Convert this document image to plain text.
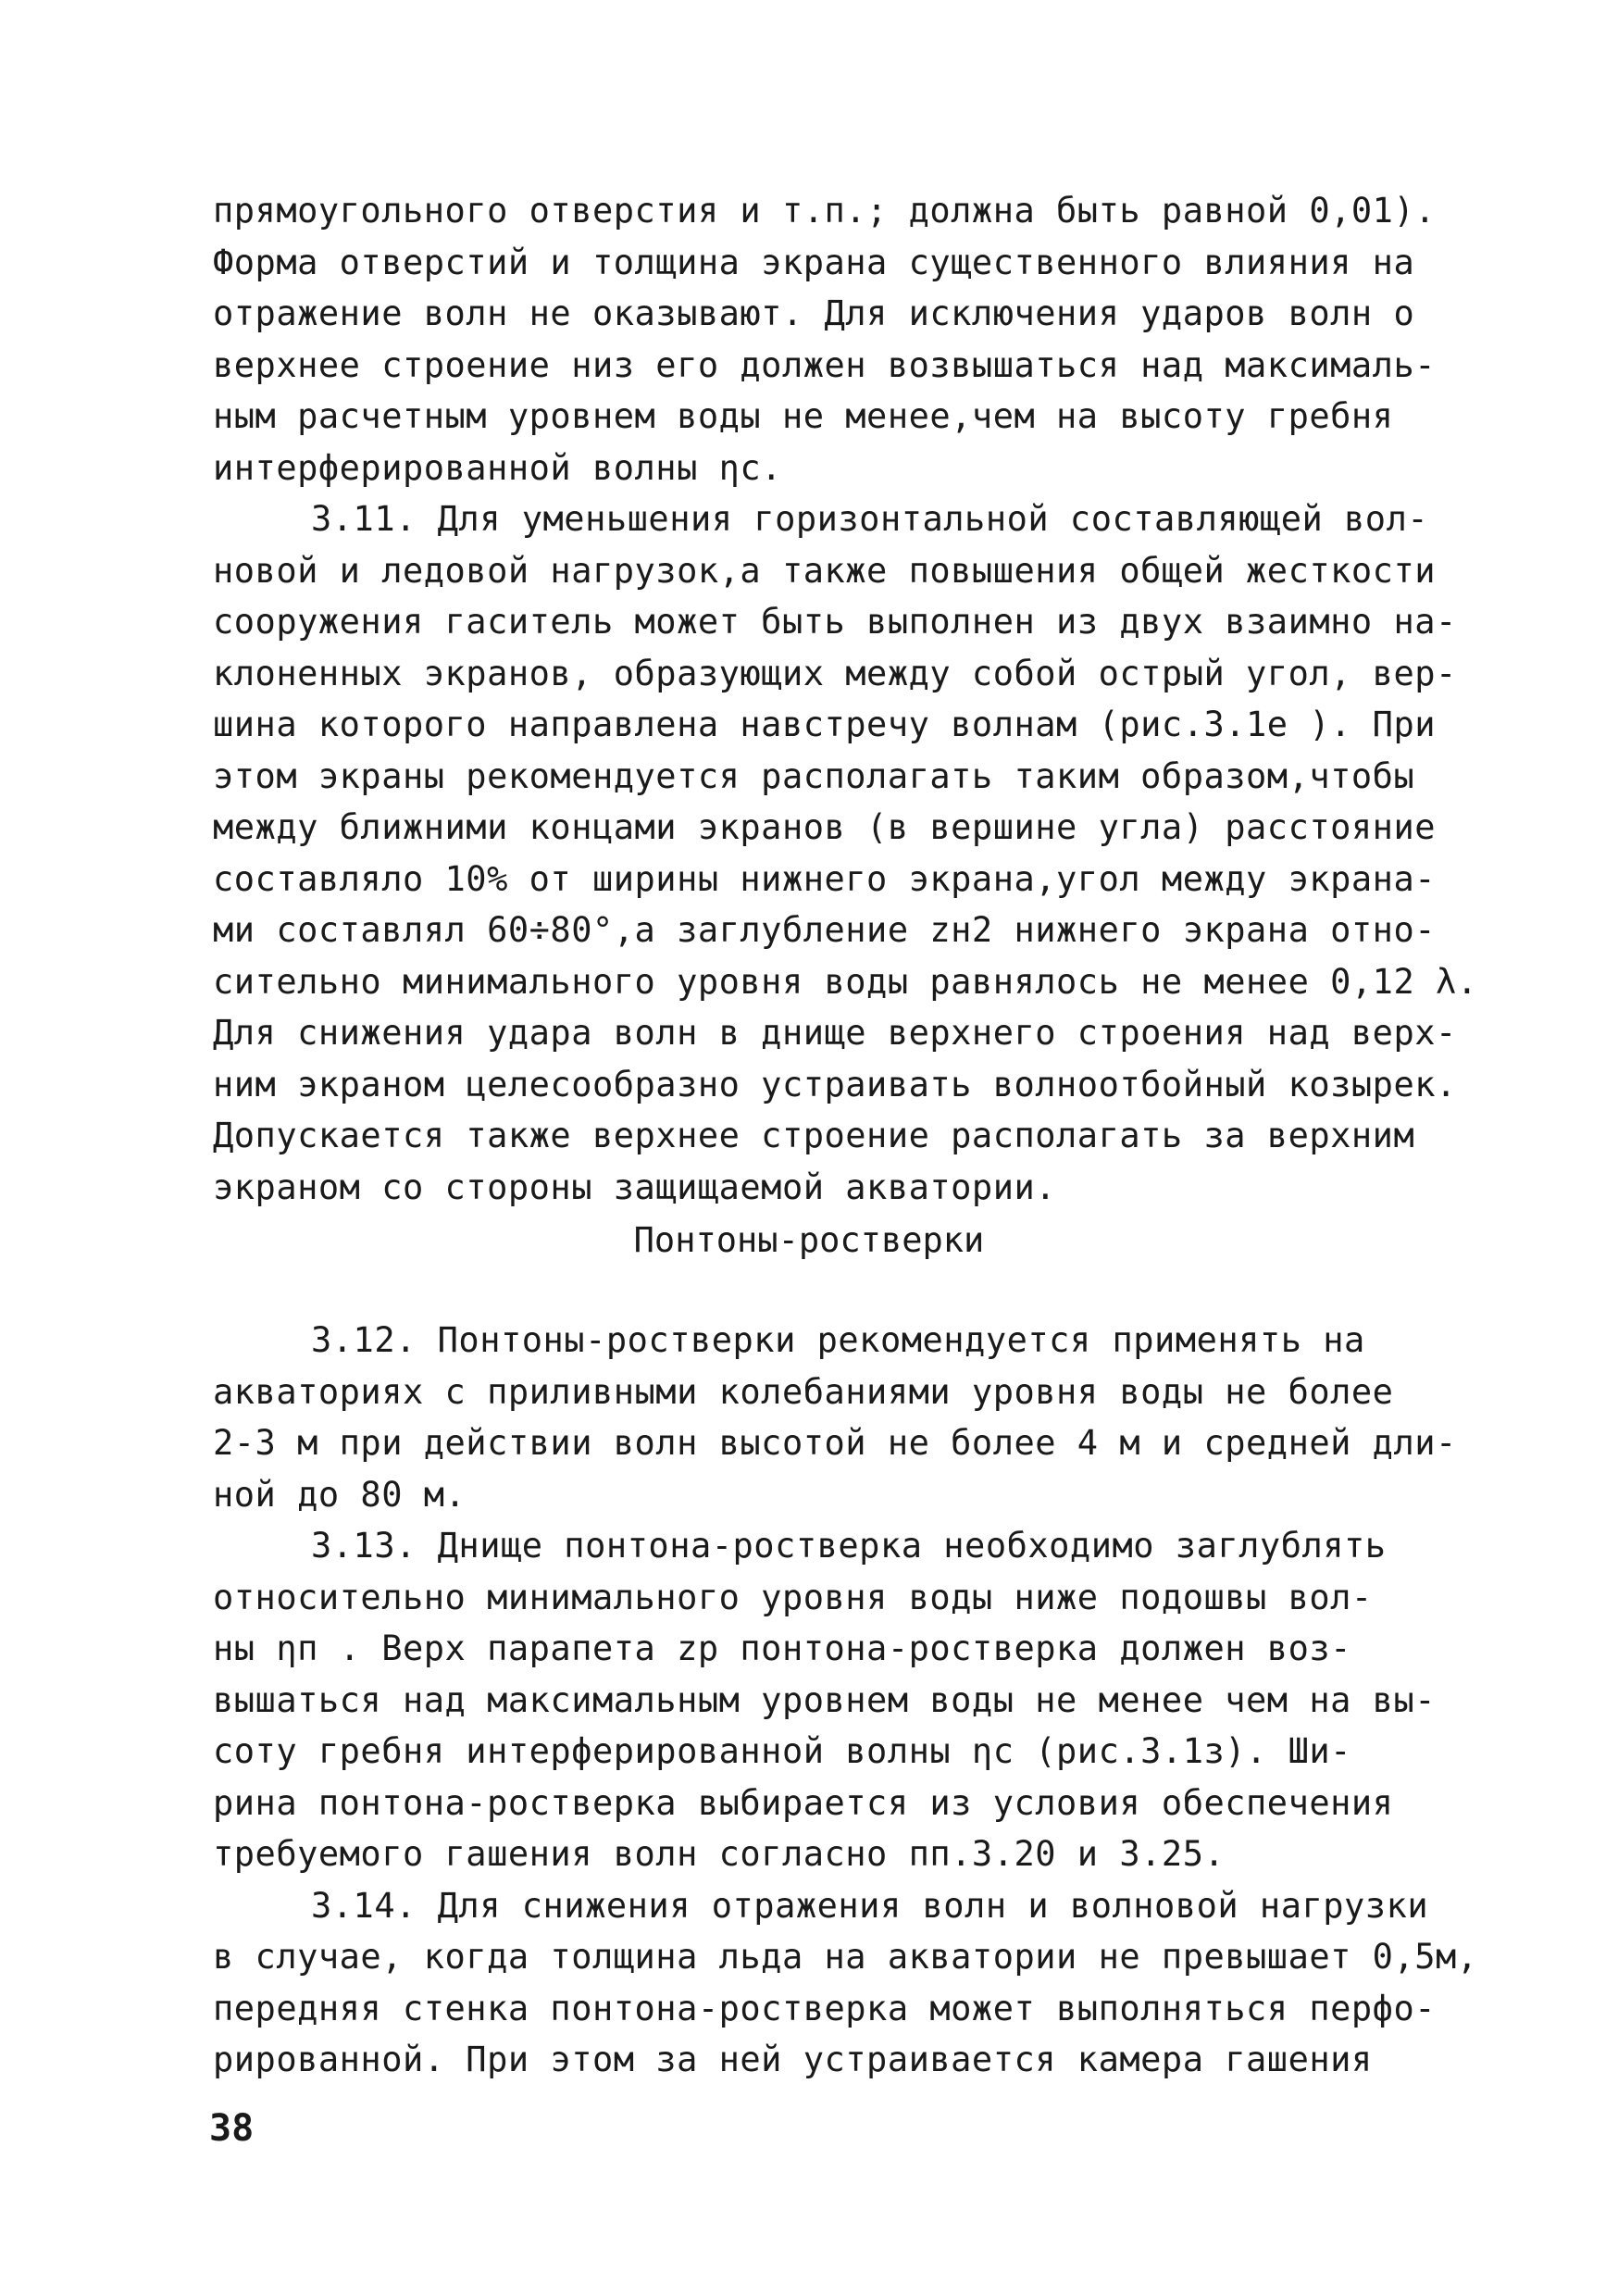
прямоугольного отверстия и т.п.; должна быть равной 0,01).
Форма отверстий и толщина экрана существенного влияния на
отражение волн не оказывают. Для исключения ударов волн о
верхнее строение низ его должен возвышаться над максималь-
ным расчетным уровнем воды не менее,чем на высоту гребня
интерферированной волны ηс.
3.11. Для уменьшения горизонтальной составляющей вол-
новой и ледовой нагрузок,а также повышения общей жесткости
сооружения гаситель может быть выполнен из двух взаимно на-
клоненных экранов, образующих между собой острый угол, вер-
шина которого направлена навстречу волнам (рис.3.1е ). При
этом экраны рекомендуется располагать таким образом,чтобы
между ближними концами экранов (в вершине угла) расстояние
составляло 10% от ширины нижнего экрана,угол между экрана-
ми составлял 60÷80°,а заглубление zн2 нижнего экрана отно-
сительно минимального уровня воды равнялось не менее 0,12 λ.
Для снижения удара волн в днище верхнего строения над верх-
ним экраном целесообразно устраивать волноотбойный козырек.
Допускается также верхнее строение располагать за верхним
экраном со стороны защищаемой акватории.
Понтоны-ростверки
3.12. Понтоны-ростверки рекомендуется применять на
акваториях с приливными колебаниями уровня воды не более
2-3 м при действии волн высотой не более 4 м и средней дли-
ной до 80 м.
3.13. Днище понтона-ростверка необходимо заглублять
относительно минимального уровня воды ниже подошвы вол-
ны ηп . Верх парапета zр понтона-ростверка должен воз-
вышаться над максимальным уровнем воды не менее чем на вы-
соту гребня интерферированной волны ηс (рис.3.1з). Ши-
рина понтона-ростверка выбирается из условия обеспечения
требуемого гашения волн согласно пп.3.20 и 3.25.
3.14. Для снижения отражения волн и волновой нагрузки
в случае, когда толщина льда на акватории не превышает 0,5м,
передняя стенка понтона-ростверка может выполняться перфо-
рированной. При этом за ней устраивается камера гашения
38
